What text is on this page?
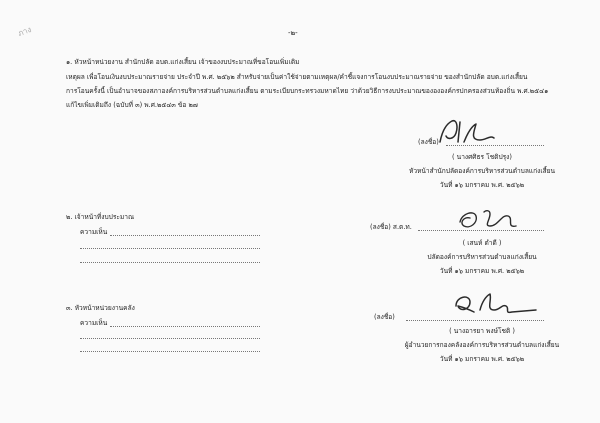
ภาง	-๒-
๑. หัวหน้าหน่วยงาน สำนักปลัด อบต.แก่งเสี้ยน เจ้าของงบประมาณที่ขอโอนเพิ่มเติม
เหตุผล เพื่อโอนเงินงบประมาณรายจ่าย ประจำปี พ.ศ. ๒๕๖๒ สำหรับจ่ายเป็นค่าใช้จ่ายตามเหตุผล/คำชี้แจงการโอนงบประมาณรายจ่าย ของสำนักปลัด อบต.แก่งเสี้ยน
การโอนครั้งนี้ เป็นอำนาจของสภาองค์การบริหารส่วนตำบลแก่งเสี้ยน ตามระเบียบกระทรวงมหาดไทย ว่าด้วยวิธีการงบประมาณของององค์กรปกครองส่วนท้องถิ่น พ.ศ.๒๕๔๑
แก้ไขเพิ่มเติมถึง (ฉบับที่ ๓) พ.ศ.๒๕๔๓ ข้อ ๒๗
(ลงชื่อ)
( นางศศิธร โชติปรุง)
หัวหน้าสำนักปลัดองค์การบริหารส่วนตำบลแก่งเสี้ยน
วันที่ ๑๖ มกราคม พ.ศ. ๒๕๖๒
๒. เจ้าหน้าที่งบประมาณ
ความเห็น
(ลงชื่อ) ส.ต.ท.
( เสนห์ ตำดี )
ปลัดองค์การบริหารส่วนตำบลแก่งเสี้ยน
วันที่ ๑๖ มกราคม พ.ศ. ๒๕๖๒
๓. หัวหน้าหน่วยงานคลัง
ความเห็น
(ลงชื่อ)
( นางอารยา พงษ์โชติ )
ผู้อำนวยการกองคลังองค์การบริหารส่วนตำบลแก่งเสี้ยน
วันที่ ๑๖ มกราคม พ.ศ. ๒๕๖๒
